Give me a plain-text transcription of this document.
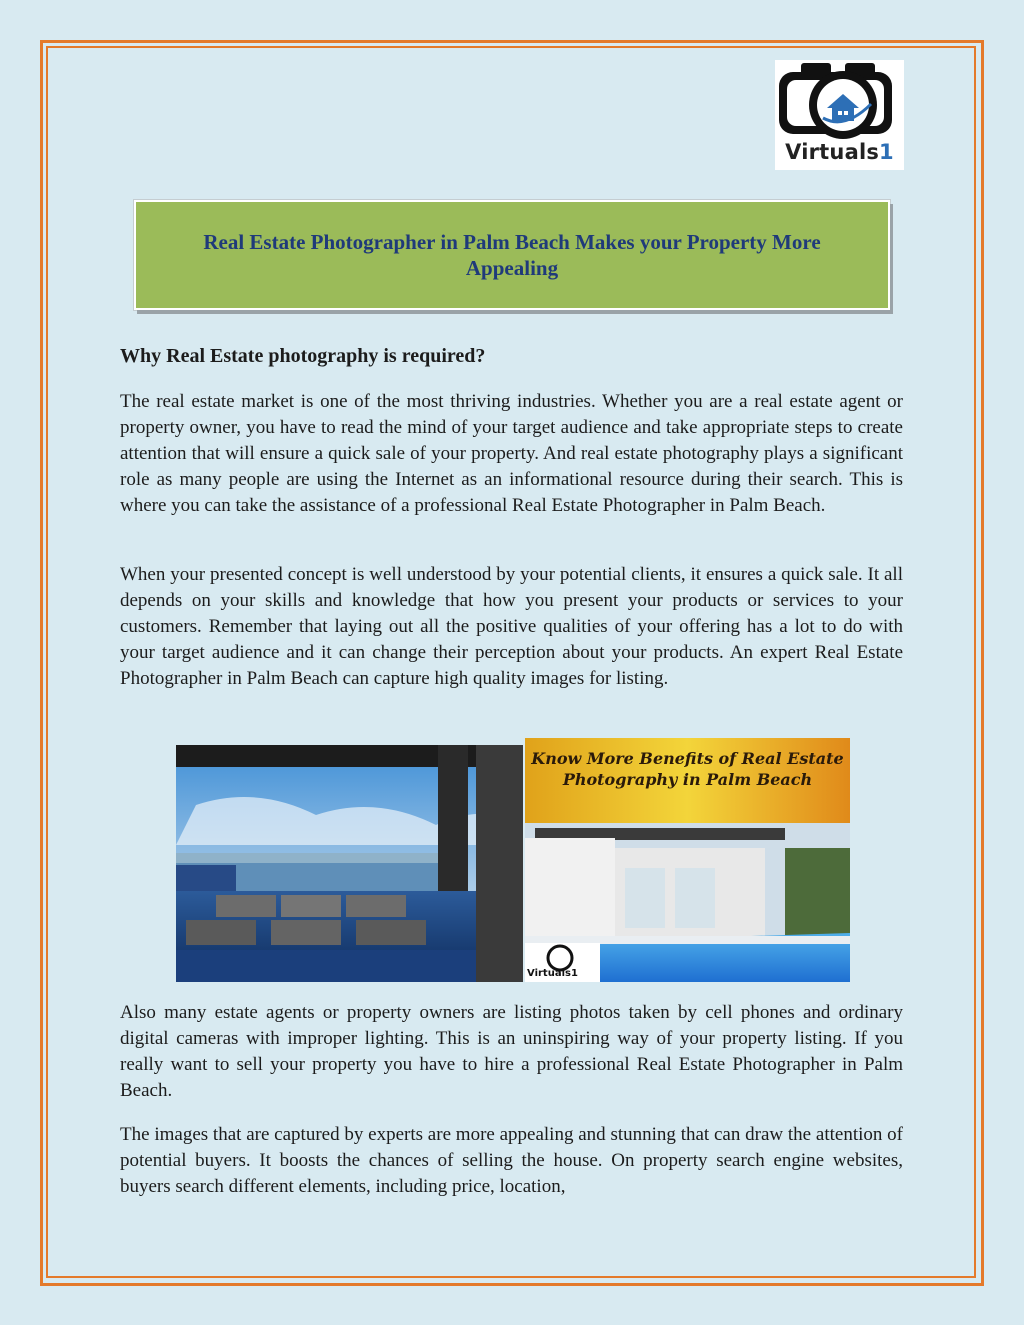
Virtuals1
Real Estate Photographer in Palm Beach Makes your Property More Appealing
Why Real Estate photography is required?

The real estate market is one of the most thriving industries. Whether you are a real estate agent or property owner, you have to read the mind of your target audience and take appropriate steps to create attention that will ensure a quick sale of your property. And real estate photography plays a significant role as many people are using the Internet as an informational resource during their search. This is where you can take the assistance of a professional Real Estate Photographer in Palm Beach.

When your presented concept is well understood by your potential clients, it ensures a quick sale. It all depends on your skills and knowledge that how you present your products or services to your customers. Remember that laying out all the positive qualities of your offering has a lot to do with your target audience and it can change their perception about your products. An expert Real Estate Photographer in Palm Beach can capture high quality images for listing.

Know More Benefits of Real Estate Photography in Palm Beach
Virtuals1

Also many estate agents or property owners are listing photos taken by cell phones and ordinary digital cameras with improper lighting. This is an uninspiring way of your property listing. If you really want to sell your property you have to hire a professional Real Estate Photographer in Palm Beach.

The images that are captured by experts are more appealing and stunning that can draw the attention of potential buyers. It boosts the chances of selling the house. On property search engine websites, buyers search different elements, including price, location,
